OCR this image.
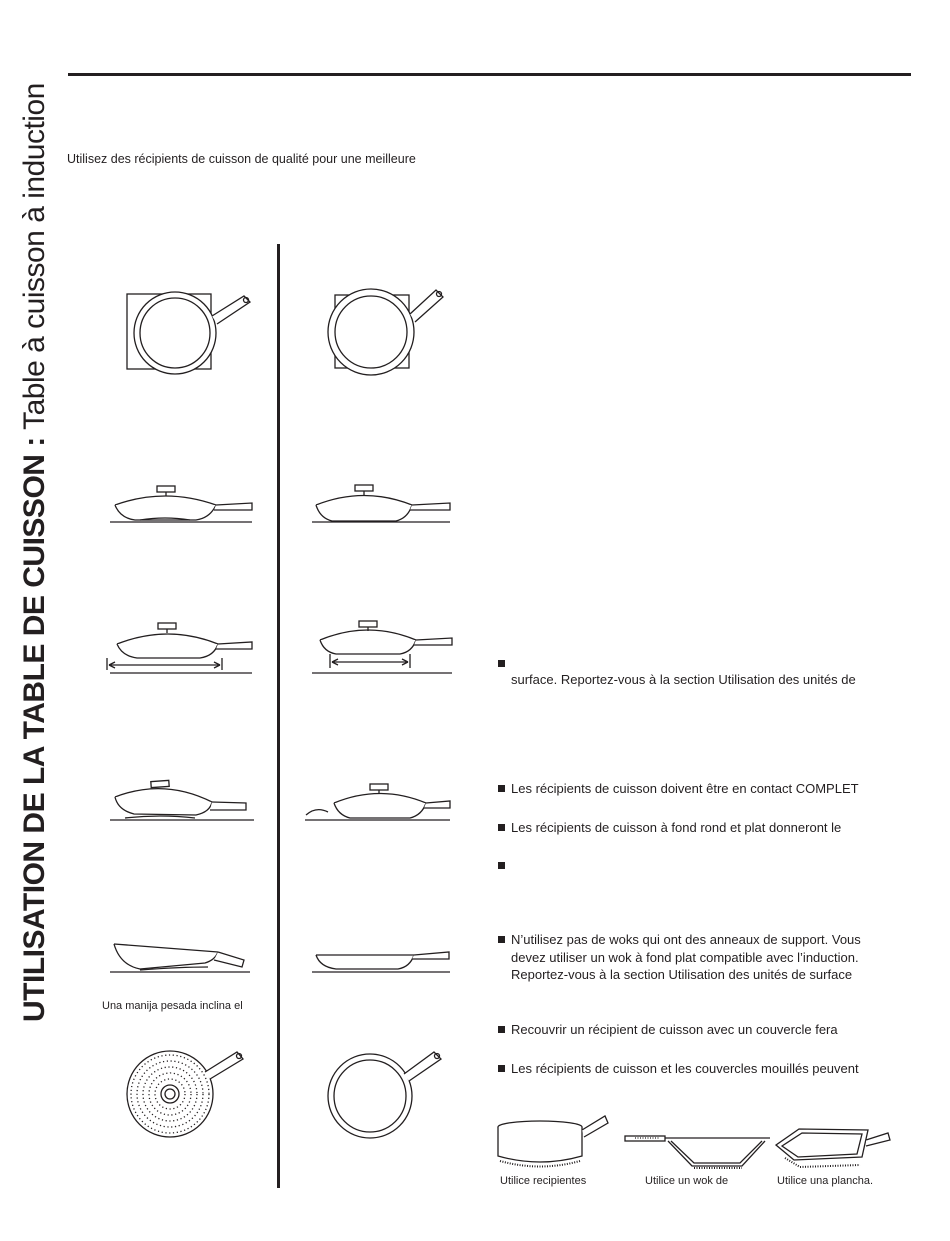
UTILISATION DE LA TABLE DE CUISSON : Table à cuisson à induction Utilisez des récipients de cuisson de qualité pour une meilleure
Una manija pesada inclina el
surface. Reportez-vous à la section Utilisation des unités de
Les récipients de cuisson doivent être en contact COMPLET
Les récipients de cuisson à fond rond et plat donneront le
N’utilisez pas de woks qui ont des anneaux de support. Vous
devez utiliser un wok à fond plat compatible avec l’induction.
Reportez-vous à la section Utilisation des unités de surface
Recouvrir un récipient de cuisson avec un couvercle fera
Les récipients de cuisson et les couvercles mouillés peuvent
Utilice recipientes	Utilice un wok de	Utilice una plancha.
